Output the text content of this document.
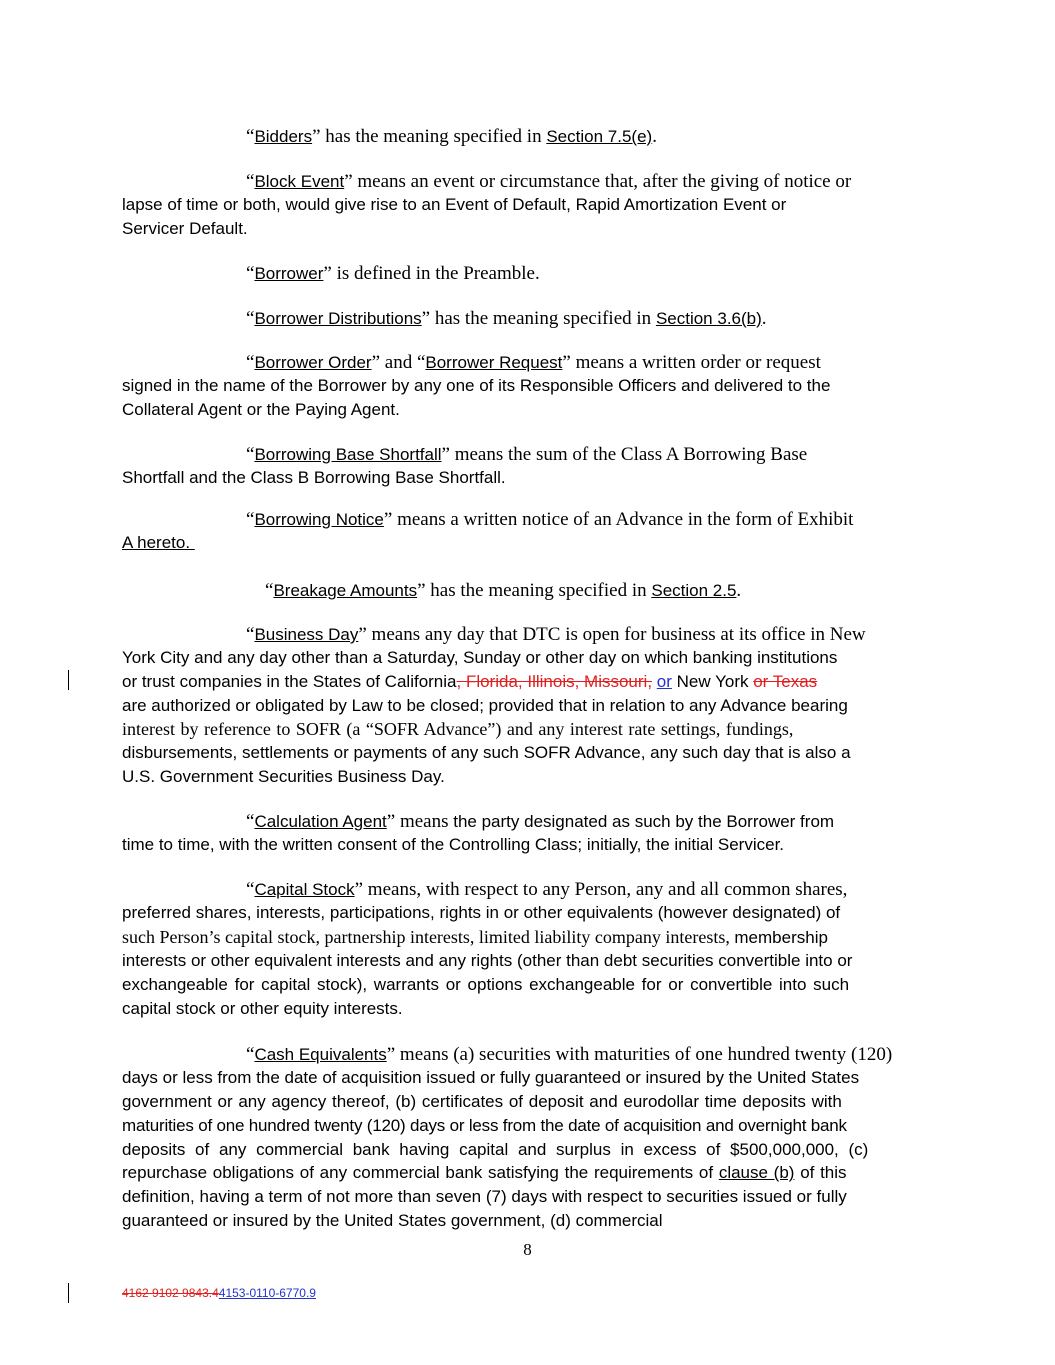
“Bidders” has the meaning specified in Section 7.5(e).
“Block Event” means an event or circumstance that, after the giving of notice or
lapse of time or both, would give rise to an Event of Default, Rapid Amortization Event or
Servicer Default.
“Borrower” is defined in the Preamble.
“Borrower Distributions” has the meaning specified in Section 3.6(b).
“Borrower Order” and “Borrower Request” means a written order or request
signed in the name of the Borrower by any one of its Responsible Officers and delivered to the
Collateral Agent or the Paying Agent.
“Borrowing Base Shortfall” means the sum of the Class A Borrowing Base
Shortfall and the Class B Borrowing Base Shortfall.
“Borrowing Notice” means a written notice of an Advance in the form of Exhibit
A hereto.
“Breakage Amounts” has the meaning specified in Section 2.5.
“Business Day” means any day that DTC is open for business at its office in New
York City and any day other than a Saturday, Sunday or other day on which banking institutions
or trust companies in the States of California, Florida, Illinois, Missouri, or New York or Texas
are authorized or obligated by Law to be closed; provided that in relation to any Advance bearing
interest by reference to SOFR (a “SOFR Advance”) and any interest rate settings, fundings,
disbursements, settlements or payments of any such SOFR Advance, any such day that is also a
U.S. Government Securities Business Day.
“Calculation Agent” means the party designated as such by the Borrower from
time to time, with the written consent of the Controlling Class; initially, the initial Servicer.
“Capital Stock” means, with respect to any Person, any and all common shares,
preferred shares, interests, participations, rights in or other equivalents (however designated) of
such Person’s capital stock, partnership interests, limited liability company interests, membership
interests or other equivalent interests and any rights (other than debt securities convertible into or
exchangeable for capital stock), warrants or options exchangeable for or convertible into such
capital stock or other equity interests.
“Cash Equivalents” means (a) securities with maturities of one hundred twenty (120)
days or less from the date of acquisition issued or fully guaranteed or insured by the United States
government or any agency thereof, (b) certificates of deposit and eurodollar time deposits with
maturities of one hundred twenty (120) days or less from the date of acquisition and overnight bank
deposits of any commercial bank having capital and surplus in excess of $500,000,000, (c)
repurchase obligations of any commercial bank satisfying the requirements of clause (b) of this
definition, having a term of not more than seven (7) days with respect to securities issued or fully
guaranteed or insured by the United States government, (d) commercial
8
4162 9102 9843.44153-0110-6770.9
